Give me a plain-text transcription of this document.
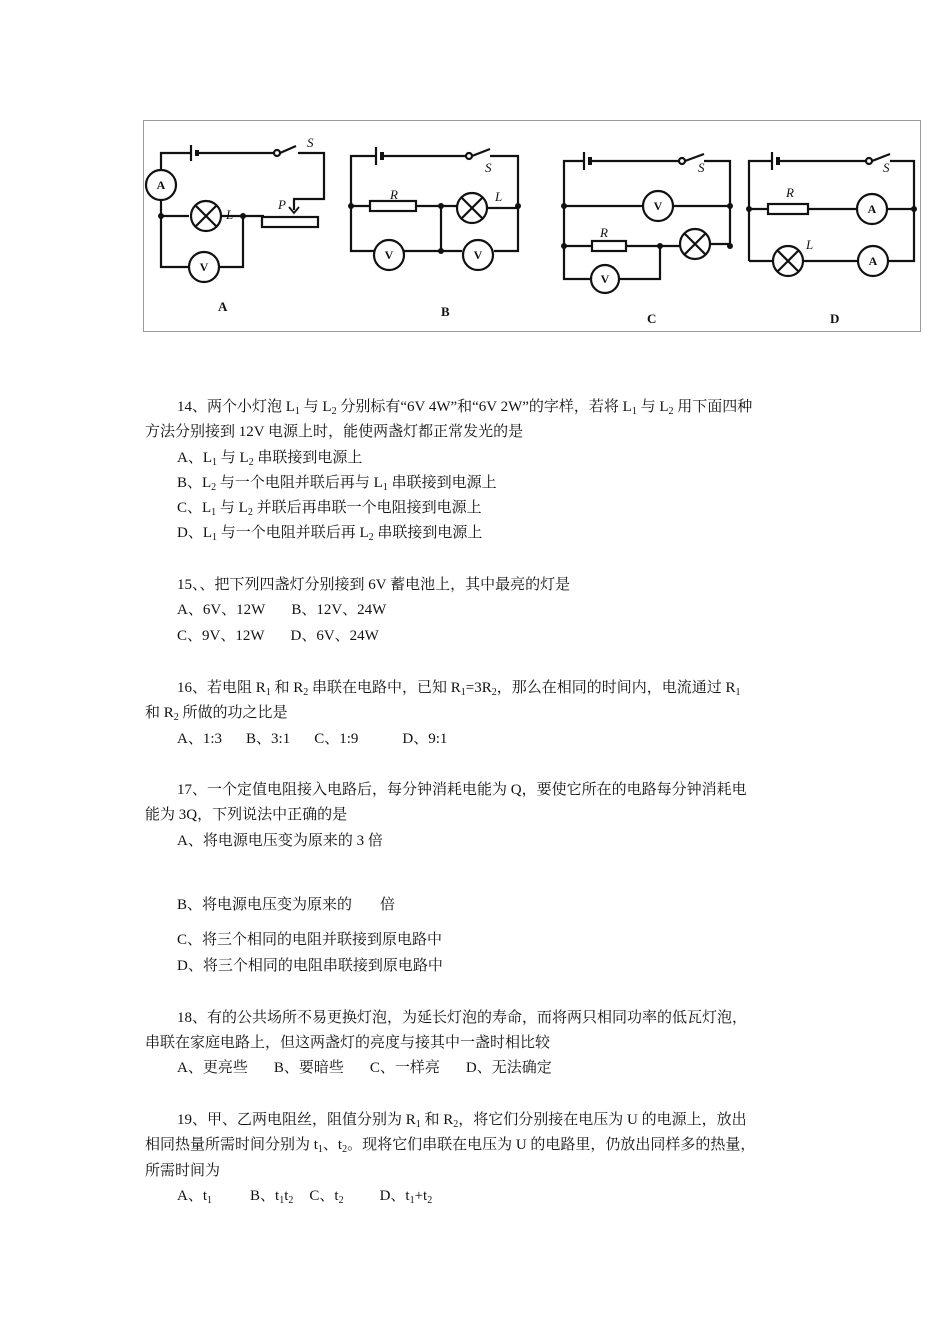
S
L
P
S
L
R
S
R
S
R
L
A
V
V	V
V
V
A
A
A	B	C	D
14、两个小灯泡 $L_1$ 与 $L_2$ 分别标有“6V 4W”和“6V 2W”的字样，若将 $L_1$ 与 $L_2$ 用下面四种
方法分别接到 12V 电源上时，能使两盏灯都正常发光的是
A、$L_1$ 与 $L_2$ 串联接到电源上
B、$L_2$ 与一个电阻并联后再与 $L_1$ 串联接到电源上
C、$L_1$ 与 $L_2$ 并联后再串联一个电阻接到电源上
D、$L_1$ 与一个电阻并联后再 $L_2$ 串联接到电源上
15、、把下列四盏灯分别接到 6V 蓄电池上，其中最亮的灯是
A、6V、12W B、12V、24W
C、9V、12W D、6V、24W
16、若电阻 $R_1$ 和 $R_2$ 串联在电路中，已知 $R_1=3R_2$，那么在相同的时间内，电流通过 $R_1$
和 $R_2$ 所做的功之比是
A、1:3 B、3:1 C、1:9	D、9:1
17、一个定值电阻接入电路后，每分钟消耗电能为 Q，要使它所在的电路每分钟消耗电
能为 3Q，下列说法中正确的是
A、将电源电压变为原来的 3 倍
B、将电源电压变为原来的 倍
C、将三个相同的电阻并联接到原电路中
D、将三个相同的电阻串联接到原电路中
18、有的公共场所不易更换灯泡，为延长灯泡的寿命，而将两只相同功率的低瓦灯泡，
串联在家庭电路上，但这两盏灯的亮度与接其中一盏时相比较
A、更亮些 B、要暗些 C、一样亮 D、无法确定
19、甲、乙两电阻丝，阻值分别为 $R_1$ 和 $R_2$，将它们分别接在电压为 U 的电源上，放出
相同热量所需时间分别为 $t_1$、$t_2$。现将它们串联在电压为 U 的电路里，仍放出同样多的热量，
所需时间为
A、$t_1$	B、$t_1t_2$ C、$t_2$ D、$t_1+t_2$
